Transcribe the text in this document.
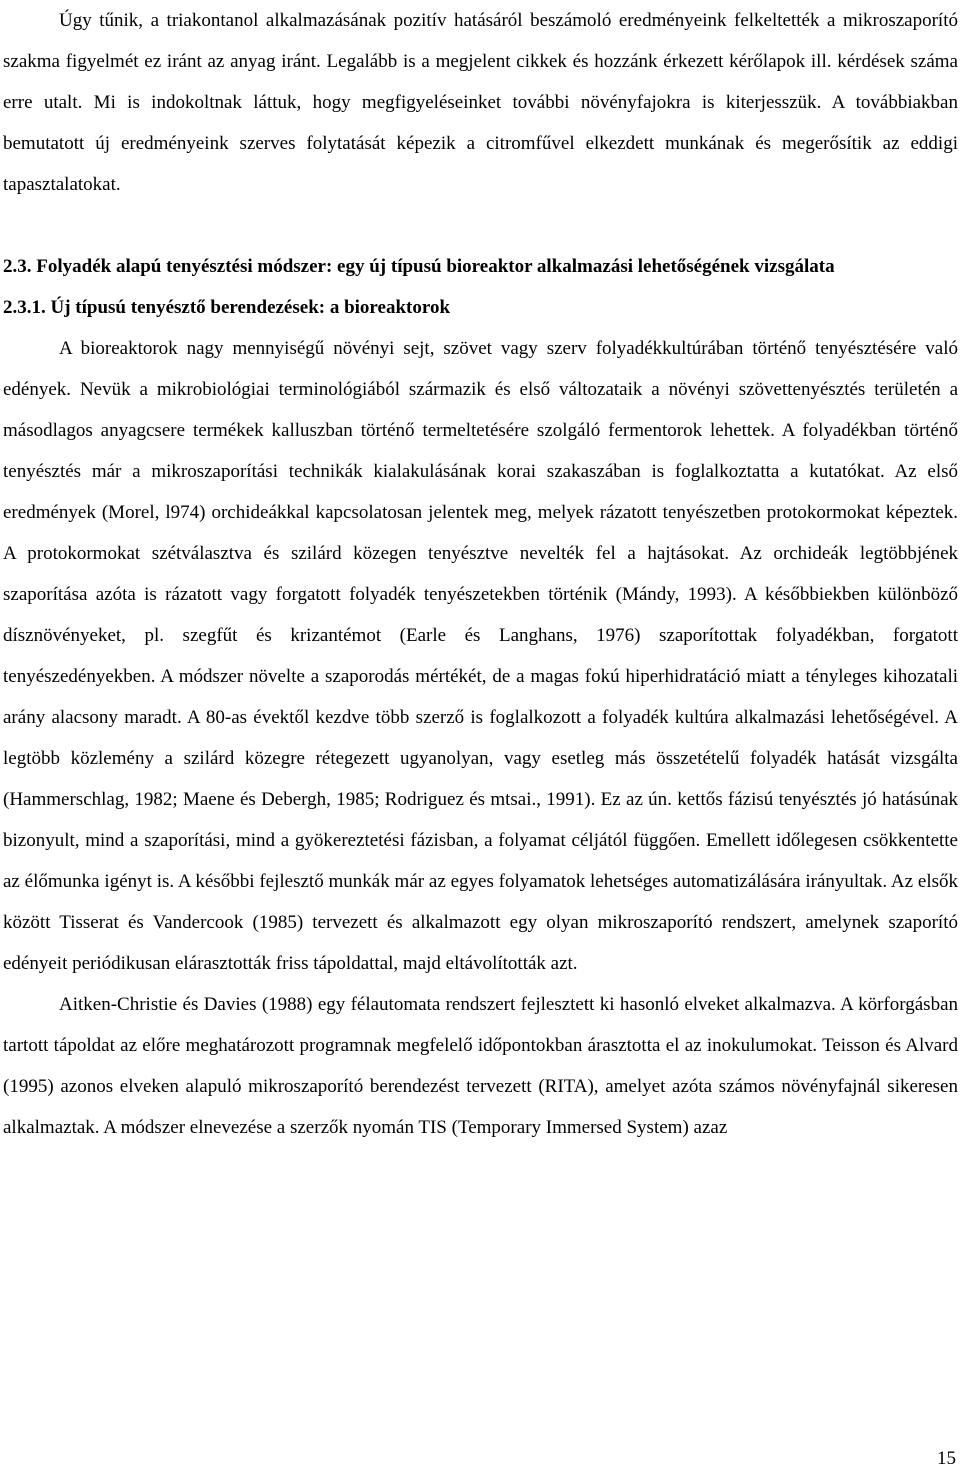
Úgy tűnik, a triakontanol alkalmazásának pozitív hatásáról beszámoló eredményeink felkeltették a mikroszaporító szakma figyelmét ez iránt az anyag iránt. Legalább is a megjelent cikkek és hozzánk érkezett kérőlapok ill. kérdések száma erre utalt. Mi is indokoltnak láttuk, hogy megfigyeléseinket további növényfajokra is kiterjesszük. A továbbiakban bemutatott új eredményeink szerves folytatását képezik a citromfűvel elkezdett munkának és megerősítik az eddigi tapasztalatokat.

2.3. Folyadék alapú tenyésztési módszer: egy új típusú bioreaktor alkalmazási lehetőségének vizsgálata
2.3.1. Új típusú tenyésztő berendezések: a bioreaktorok

A bioreaktorok nagy mennyiségű növényi sejt, szövet vagy szerv folyadékkultúrában történő tenyésztésére való edények. Nevük a mikrobiológiai terminológiából származik és első változataik a növényi szövettenyésztés területén a másodlagos anyagcsere termékek kalluszban történő termeltetésére szolgáló fermentorok lehettek. A folyadékban történő tenyésztés már a mikroszaporítási technikák kialakulásának korai szakaszában is foglalkoztatta a kutatókat. Az első eredmények (Morel, l974) orchideákkal kapcsolatosan jelentek meg, melyek rázatott tenyészetben protokormokat képeztek. A protokormokat szétválasztva és szilárd közegen tenyésztve nevelték fel a hajtásokat. Az orchideák legtöbbjének szaporítása azóta is rázatott vagy forgatott folyadék tenyészetekben történik (Mándy, 1993). A későbbiekben különböző dísznövényeket, pl. szegfűt és krizantémot (Earle és Langhans, 1976) szaporítottak folyadékban, forgatott tenyészedényekben. A módszer növelte a szaporodás mértékét, de a magas fokú hiperhidratáció miatt a tényleges kihozatali arány alacsony maradt. A 80-as évektől kezdve több szerző is foglalkozott a folyadék kultúra alkalmazási lehetőségével. A legtöbb közlemény a szilárd közegre rétegezett ugyanolyan, vagy esetleg más összetételű folyadék hatását vizsgálta (Hammerschlag, 1982; Maene és Debergh, 1985; Rodriguez és mtsai., 1991). Ez az ún. kettős fázisú tenyésztés jó hatásúnak bizonyult, mind a szaporítási, mind a gyökereztetési fázisban, a folyamat céljától függően. Emellett időlegesen csökkentette az élőmunka igényt is. A későbbi fejlesztő munkák már az egyes folyamatok lehetséges automatizálására irányultak. Az elsők között Tisserat és Vandercook (1985) tervezett és alkalmazott egy olyan mikroszaporító rendszert, amelynek szaporító edényeit periódikusan elárasztották friss tápoldattal, majd eltávolították azt.

Aitken-Christie és Davies (1988) egy félautomata rendszert fejlesztett ki hasonló elveket alkalmazva. A körforgásban tartott tápoldat az előre meghatározott programnak megfelelő időpontokban árasztotta el az inokulumokat. Teisson és Alvard (1995) azonos elveken alapuló mikroszaporító berendezést tervezett (RITA), amelyet azóta számos növényfajnál sikeresen alkalmaztak. A módszer elnevezése a szerzők nyomán TIS (Temporary Immersed System) azaz

15
